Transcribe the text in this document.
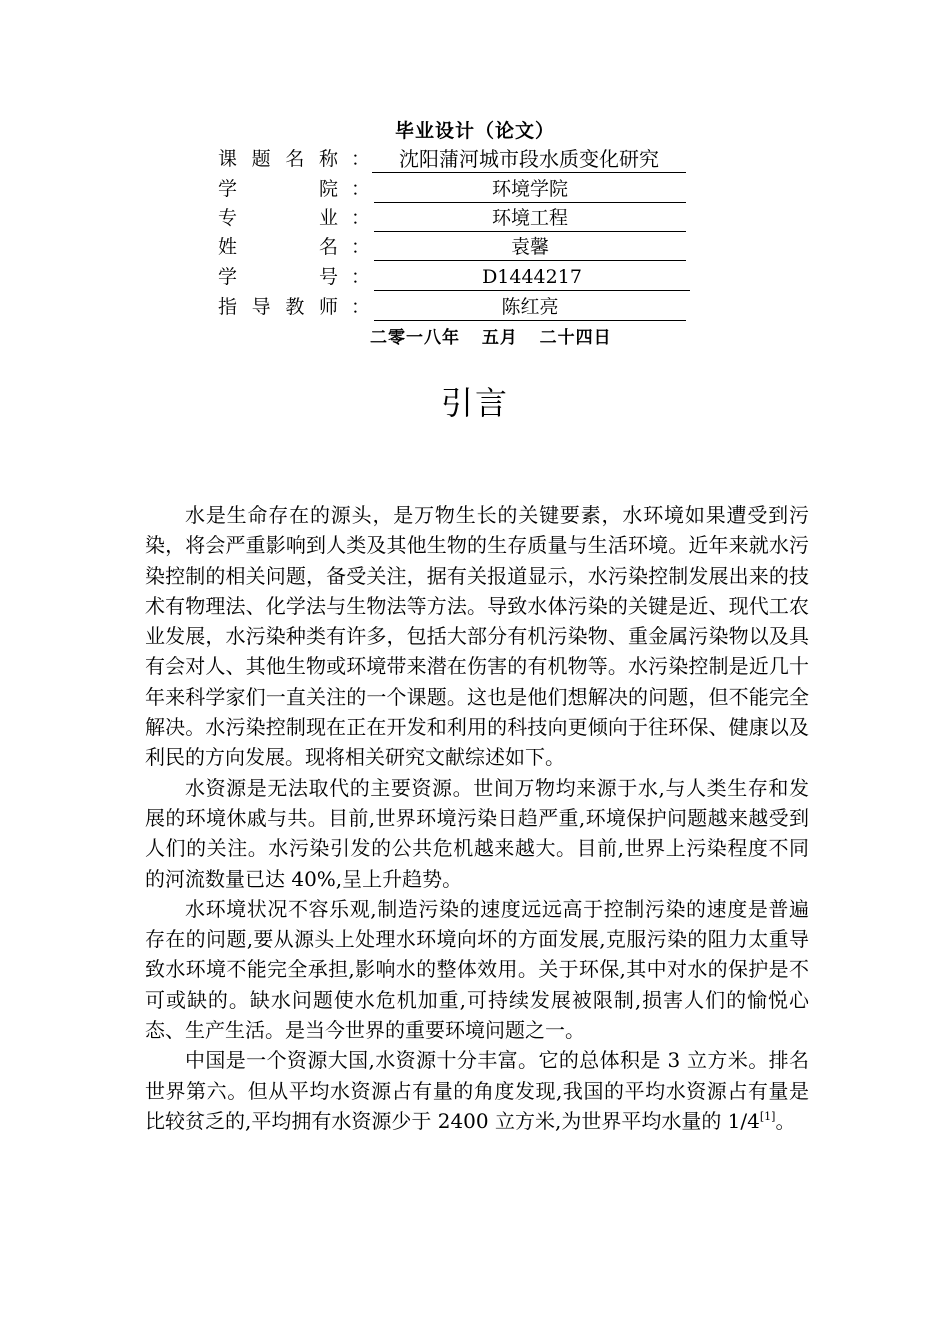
毕业设计（论文）
课 题 名 称 ：	沈阳蒲河城市段水质变化研究
学	院 ：	环境学院
专	业 ：	环境工程
姓	名 ：	袁馨
学	号 ：	D1444217
指 导 教 师 ：	陈红亮
二零一八年  五月  二十四日
引言

水是生命存在的源头，是万物生长的关键要素，水环境如果遭受到污染，将会严重影响到人类及其他生物的生存质量与生活环境。近年来就水污染控制的相关问题，备受关注，据有关报道显示，水污染控制发展出来的技术有物理法、化学法与生物法等方法。导致水体污染的关键是近、现代工农业发展，水污染种类有许多，包括大部分有机污染物、重金属污染物以及具有会对人、其他生物或环境带来潜在伤害的有机物等。水污染控制是近几十年来科学家们一直关注的一个课题。这也是他们想解决的问题，但不能完全解决。水污染控制现在正在开发和利用的科技向更倾向于往环保、健康以及利民的方向发展。现将相关研究文献综述如下。

水资源是无法取代的主要资源。世间万物均来源于水,与人类生存和发展的环境休戚与共。目前,世界环境污染日趋严重,环境保护问题越来越受到人们的关注。水污染引发的公共危机越来越大。目前,世界上污染程度不同的河流数量已达 40%,呈上升趋势。

水环境状况不容乐观,制造污染的速度远远高于控制污染的速度是普遍存在的问题,要从源头上处理水环境向坏的方面发展,克服污染的阻力太重导致水环境不能完全承担,影响水的整体效用。关于环保,其中对水的保护是不可或缺的。缺水问题使水危机加重,可持续发展被限制,损害人们的愉悦心态、生产生活。是当今世界的重要环境问题之一。

中国是一个资源大国,水资源十分丰富。它的总体积是 3 立方米。排名世界第六。但从平均水资源占有量的角度发现,我国的平均水资源占有量是比较贫乏的,平均拥有水资源少于 2400 立方米,为世界平均水量的 1/4[1]。
